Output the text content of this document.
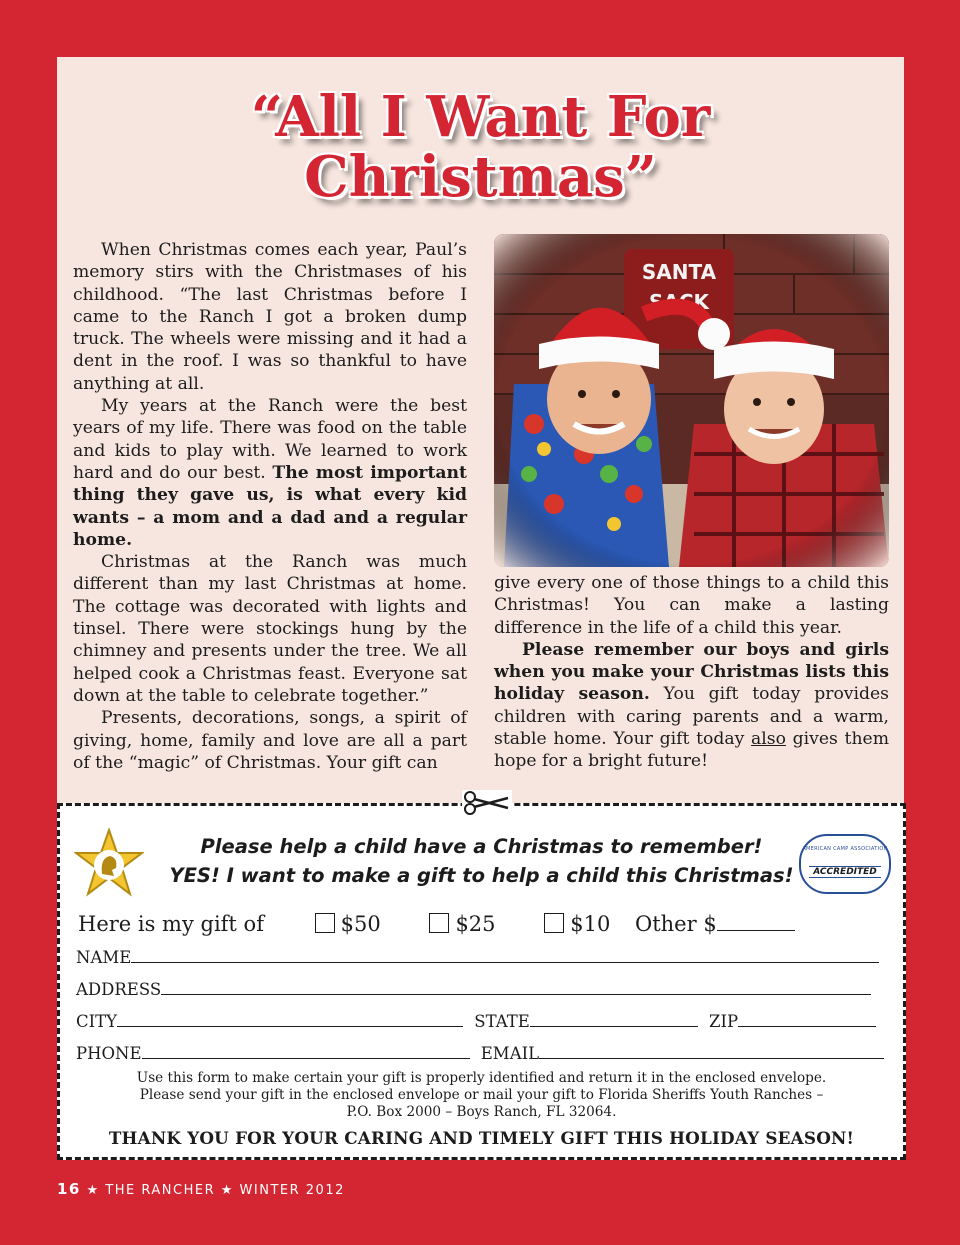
“All I Want For
Christmas”

When Christmas comes each year, Paul’s memory stirs with the Christmases of his childhood. “The last Christmas before I came to the Ranch I got a broken dump truck. The wheels were missing and it had a dent in the roof. I was so thankful to have anything at all.

My years at the Ranch were the best years of my life. There was food on the table and kids to play with. We learned to work hard and do our best. The most important thing they gave us, is what every kid wants – a mom and a dad and a regular home.

Christmas at the Ranch was much different than my last Christmas at home. The cottage was decorated with lights and tinsel. There were stockings hung by the chimney and presents under the tree. We all helped cook a Christmas feast. Everyone sat down at the table to celebrate together.”

Presents, decorations, songs, a spirit of giving, home, family and love are all a part of the “magic” of Christmas. Your gift can

give every one of those things to a child this Christmas! You can make a lasting difference in the life of a child this year.

Please remember our boys and girls when you make your Christmas lists this holiday season. You gift today provides children with caring parents and a warm, stable home. Your gift today also gives them hope for a bright future!

Please help a child have a Christmas to remember!
YES! I want to make a gift to help a child this Christmas!
AMERICAN CAMP ASSOCIATION
ACCREDITED
Here is my gift of	$50	$25	$10 Other $
NAME
ADDRESS
CITY	STATE	ZIP
PHONE	EMAIL
Use this form to make certain your gift is properly identified and return it in the enclosed envelope.
Please send your gift in the enclosed envelope or mail your gift to Florida Sheriffs Youth Ranches –
P.O. Box 2000 – Boys Ranch, FL 32064.
THANK YOU FOR YOUR CARING AND TIMELY GIFT THIS HOLIDAY SEASON!
16 ★ THE RANCHER ★ WINTER 2012
